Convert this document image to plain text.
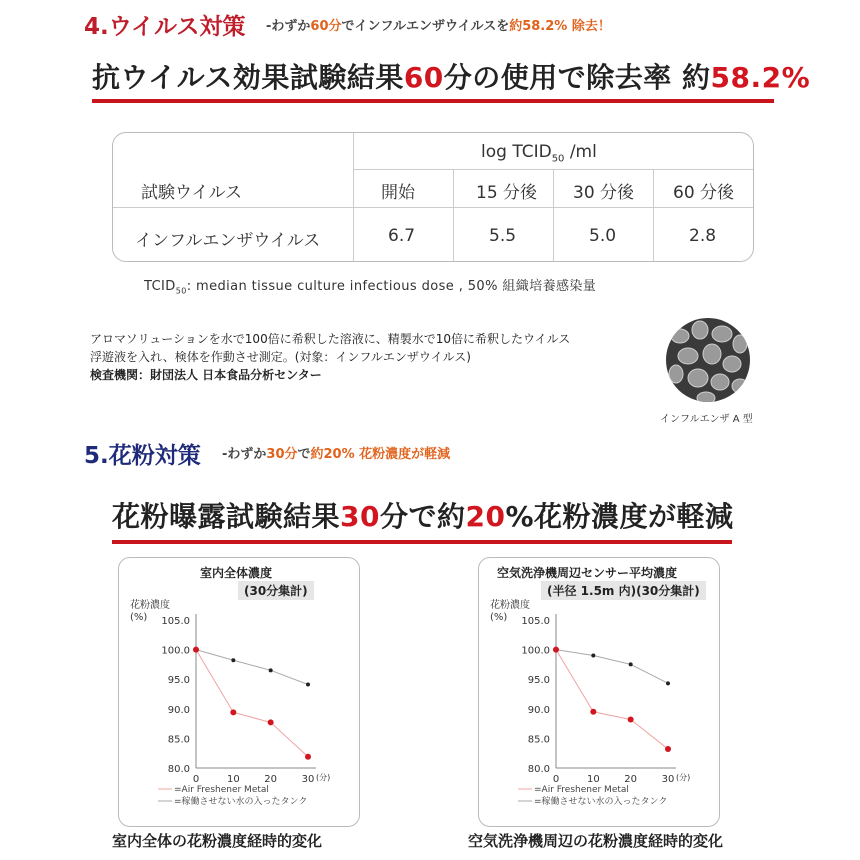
4.ウイルス対策 -わずか60分でインフルエンザウイルスを約58.2% 除去！
抗ウイルス効果試験結果60分の使用で除去率 約58.2%
$\log TCID_{50}$ /ml
試験ウイルス	開始	15 分後 30 分後 60 分後
インフルエンザウイルス	6.7	5.5	5.0	2.8
$TCID_{50}$: median tissue culture infectious dose , 50% 組織培養感染量
アロマソリューションを水で100倍に希釈した溶液に、精製水で10倍に希釈したウイルス
浮遊液を入れ、検体を作動させ測定。(対象：インフルエンザウイルス)
検査機関：財団法人 日本食品分析センター
インフルエンザ A 型
5.花粉対策 -わずか30分で約20% 花粉濃度が軽減
花粉曝露試験結果30分で約20%花粉濃度が軽減
室内全体濃度
(30分集計)
花粉濃度
(%) 105.0
100.0
95.0
90.0
85.0
80.0
0	10 20 30 (分)
=Air Freshener Metal
=稼働させない水の入ったタンク
室内全体の花粉濃度経時的変化
空気洗浄機周辺センサー平均濃度
(半径 1.5m 内)(30分集計)
花粉濃度
(%) 105.0
100.0
95.0
90.0
85.0
80.0
0	10 20 30 (分)
=Air Freshener Metal
=稼働させない水の入ったタンク
空気洗浄機周辺の花粉濃度経時的変化
